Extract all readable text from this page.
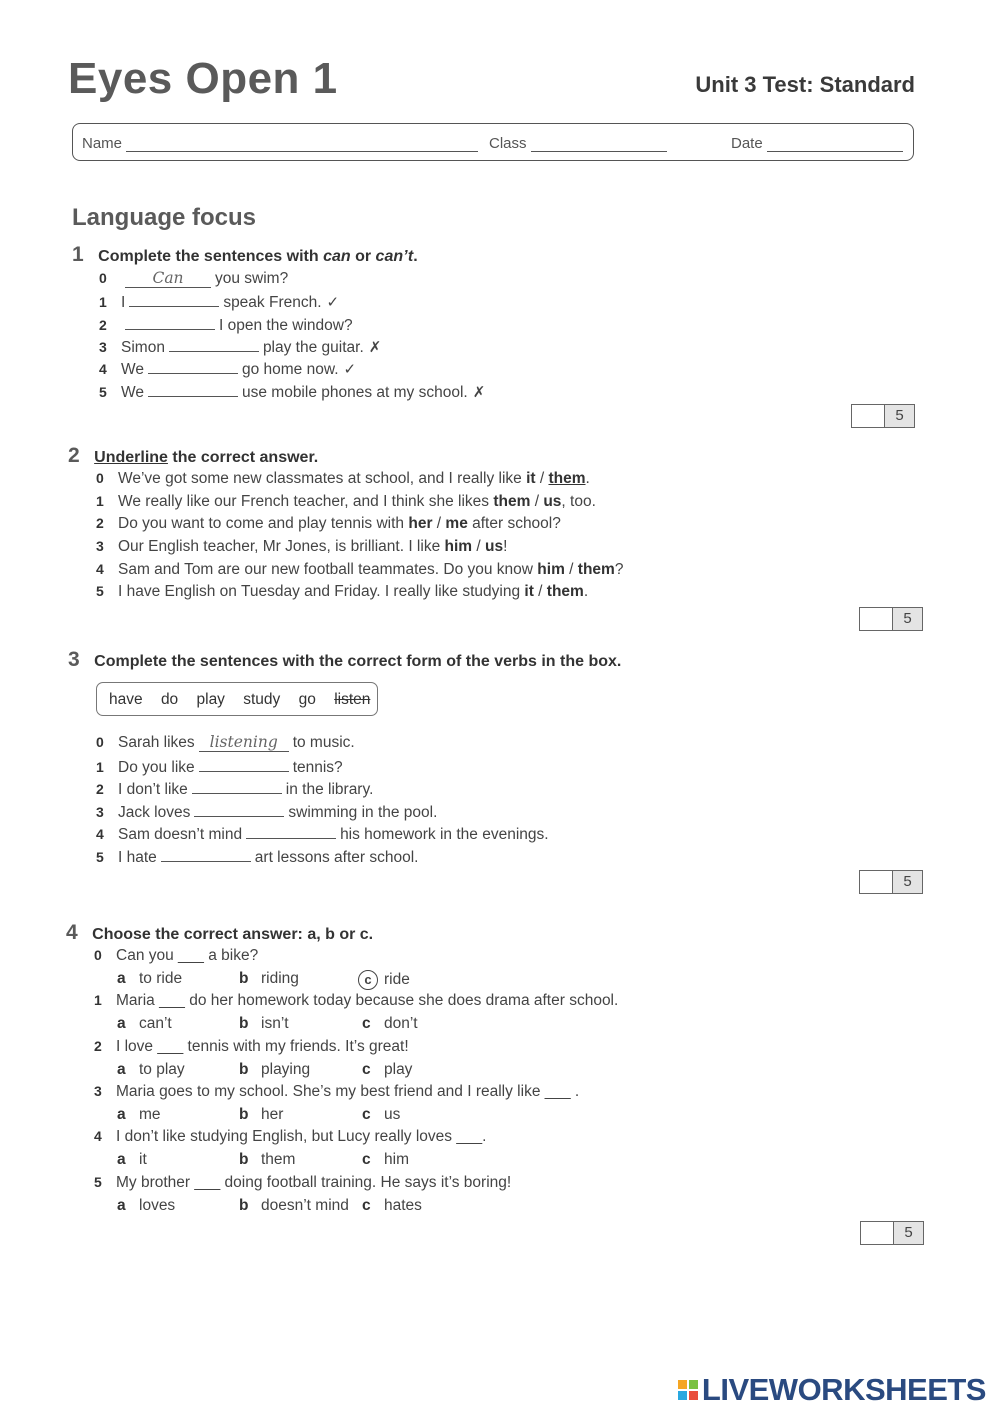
Eyes Open 1	Unit 3 Test: Standard
Name	Class	Date
Language focus
1 Complete the sentences with can or can’t.
0	Can you swim?
1 I	speak French. ✓
2	I open the window?
3 Simon	play the guitar. ✗
4 We	go home now. ✓
5 We	use mobile phones at my school. ✗
5
2 Underline the correct answer.
0 We’ve got some new classmates at school, and I really like it / them.
1 We really like our French teacher, and I think she likes them / us, too.
2 Do you want to come and play tennis with her / me after school?
3 Our English teacher, Mr Jones, is brilliant. I like him / us!
4 Sam and Tom are our new football teammates. Do you know him / them?
5 I have English on Tuesday and Friday. I really like studying it / them.
5
3 Complete the sentences with the correct form of the verbs in the box.
have do play study go listen
0 Sarah likes listening to music.
1 Do you like	tennis?
2 I don’t like	in the library.
3 Jack loves	swimming in the pool.
4 Sam doesn’t mind	his homework in the evenings.
5 I hate	art lessons after school.
5
4 Choose the correct answer: a, b or c.
0 Can you ___ a bike?
a to ride	b riding	c ride
1 Maria ___ do her homework today because she does drama after school.
a can’t	b isn’t	c don’t
2 I love ___ tennis with my friends. It’s great!
a to play	b playing	c play
3 Maria goes to my school. She’s my best friend and I really like ___ .
a me	b her	c us
4 I don’t like studying English, but Lucy really loves ___.
a it	b them	c him
5 My brother ___ doing football training. He says it’s boring!
a loves	b doesn’t mind c hates
5
LIVEWORKSHEETS
